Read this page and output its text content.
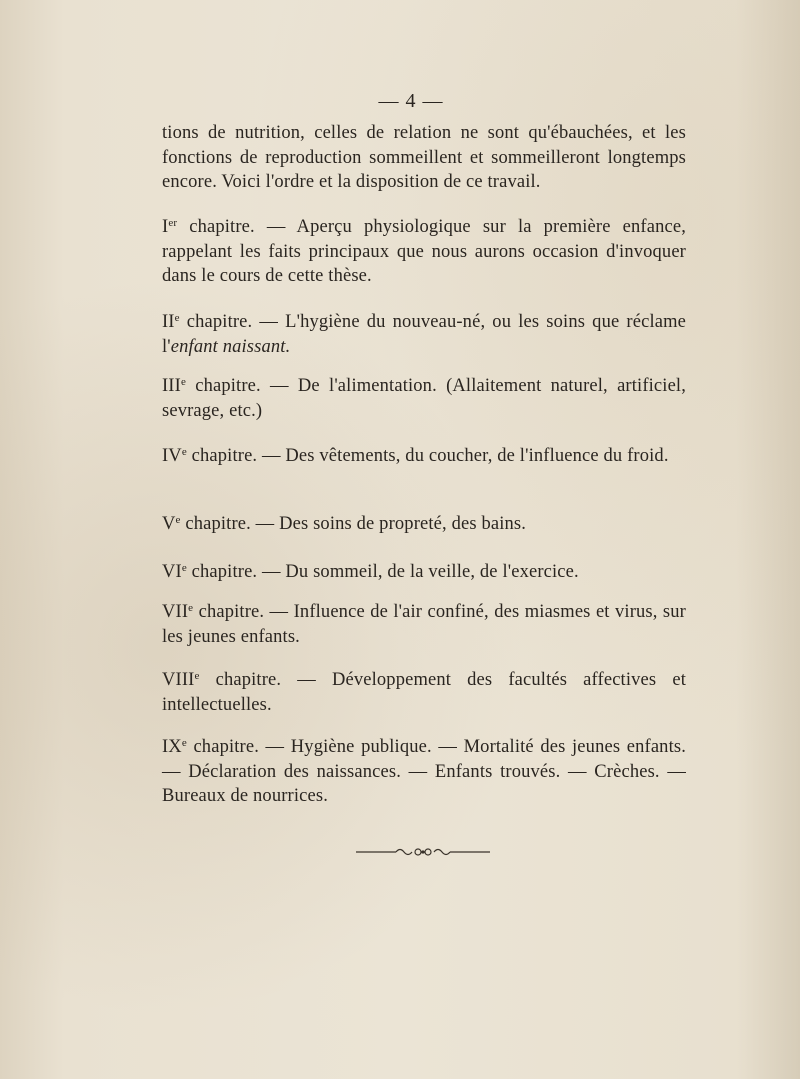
— 4 —

tions de nutrition, celles de relation ne sont qu'ébauchées, et les fonctions de reproduction sommeillent et sommeilleront longtemps encore. Voici l'ordre et la disposition de ce travail.

Ier chapitre. — Aperçu physiologique sur la première enfance, rappelant les faits principaux que nous aurons occasion d'invoquer dans le cours de cette thèse.

IIe chapitre. — L'hygiène du nouveau-né, ou les soins que réclame l'enfant naissant.

IIIe chapitre. — De l'alimentation. (Allaitement naturel, artificiel, sevrage, etc.)

IVe chapitre. — Des vêtements, du coucher, de l'influence du froid.

Ve chapitre. — Des soins de propreté, des bains.

VIe chapitre. — Du sommeil, de la veille, de l'exercice.

VIIe chapitre. — Influence de l'air confiné, des miasmes et virus, sur les jeunes enfants.

VIIIe chapitre. — Développement des facultés affectives et intellectuelles.

IXe chapitre. — Hygiène publique. — Mortalité des jeunes enfants. — Déclaration des naissances. — Enfants trouvés. — Crèches. — Bureaux de nourrices.
